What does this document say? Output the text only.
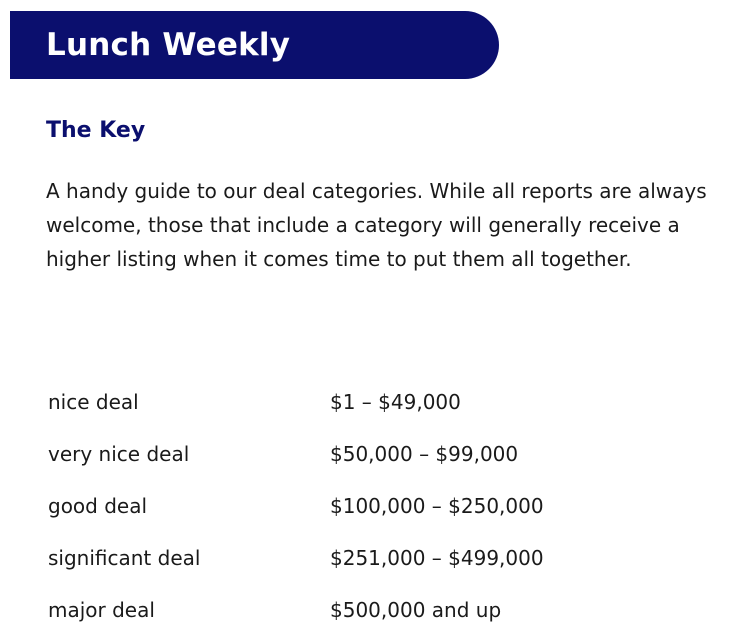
Lunch Weekly
The Key

A handy guide to our deal categories. While all reports are always welcome, those that include a category will generally receive a higher listing when it comes time to put them all together.

nice deal	$1 – $49,000
very nice deal	$50,000 – $99,000
good deal	$100,000 – $250,000
significant deal	$251,000 – $499,000
major deal	$500,000 and up
